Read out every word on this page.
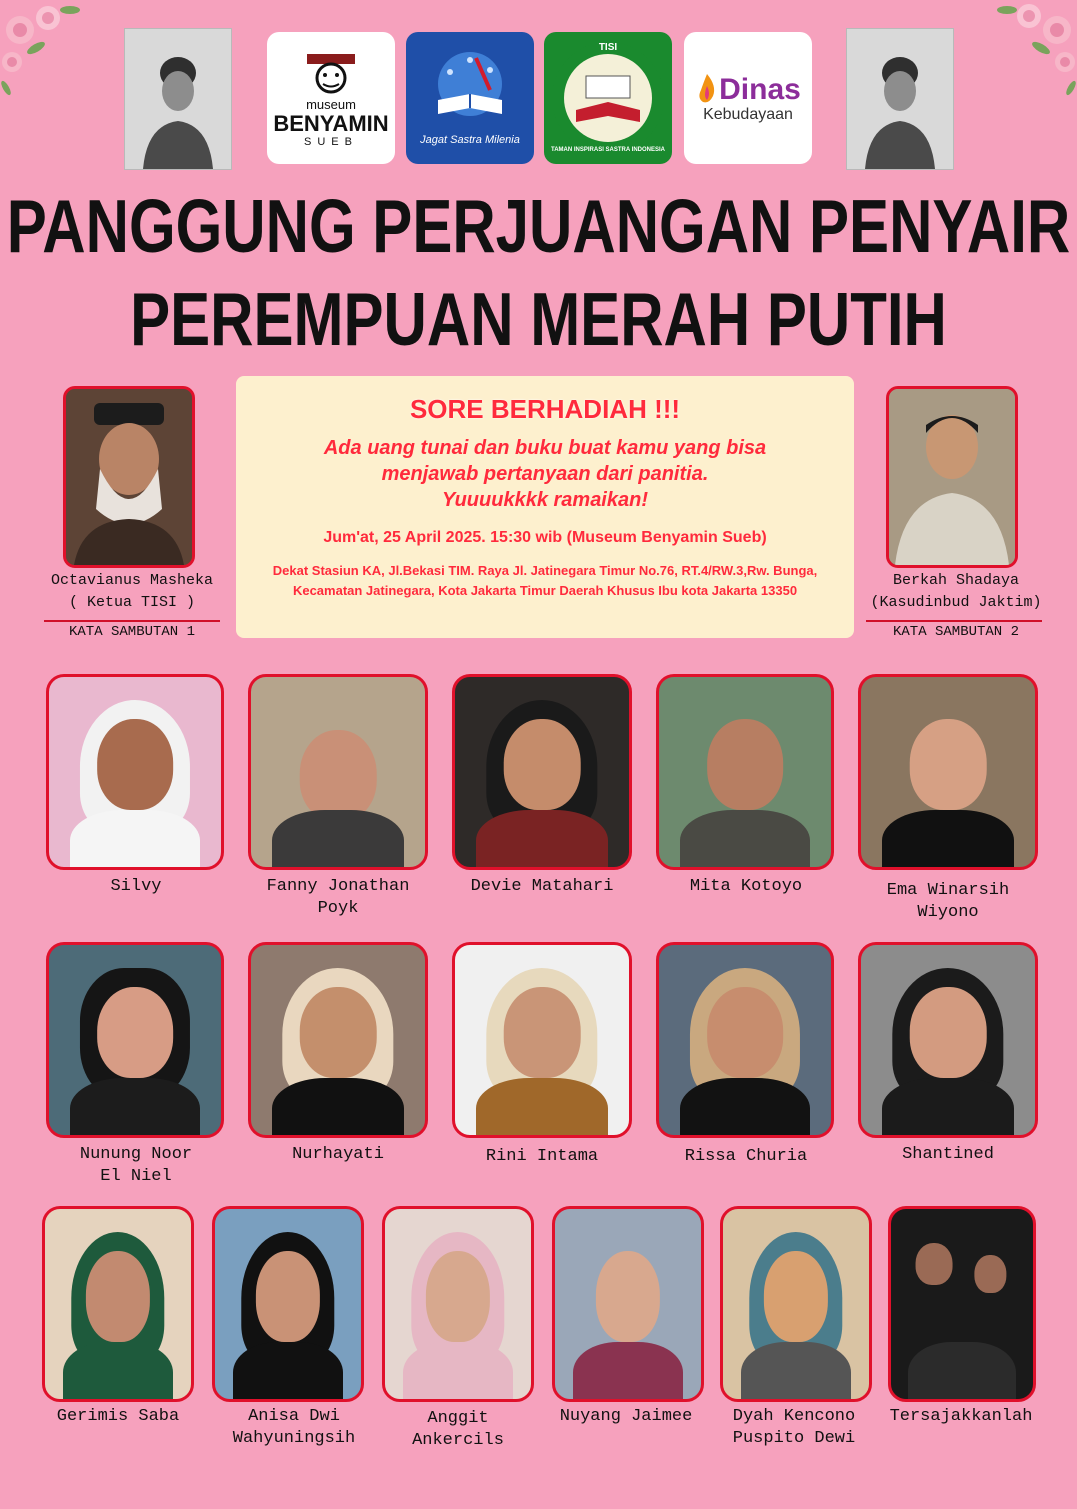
museum
BENYAMIN
SUEB	Jagat Sastra Milenia
TISI
TAMAN INSPIRASI SASTRA INDONESIA
Dinas
Kebudayaan
PANGGUNG PERJUANGAN PENYAIR
PEREMPUAN MERAH PUTIH
Octavianus Masheka
( Ketua TISI )
KATA SAMBUTAN 1
Berkah Shadaya
(Kasudinbud Jaktim)
KATA SAMBUTAN 2
SORE BERHADIAH !!!
Ada uang tunai dan buku buat kamu yang bisa
menjawab pertanyaan dari panitia.
Yuuuukkkk ramaikan!
Jum'at, 25 April 2025. 15:30 wib (Museum Benyamin Sueb)
Dekat Stasiun KA, Jl.Bekasi TIM. Raya Jl. Jatinegara Timur No.76, RT.4/RW.3,Rw. Bunga,
Kecamatan Jatinegara, Kota Jakarta Timur Daerah Khusus Ibu kota Jakarta 13350
Silvy	Fanny Jonathan
Poyk
Devie Matahari	Mita Kotoyo	Ema Winarsih
Wiyono
Nunung Noor
El Niel
Nurhayati	Rini Intama	Rissa Churia	Shantined
Gerimis Saba	Anisa Dwi
Wahyuningsih
Anggit
Ankercils
Nuyang Jaimee	Dyah Kencono
Puspito Dewi
Tersajakkanlah
